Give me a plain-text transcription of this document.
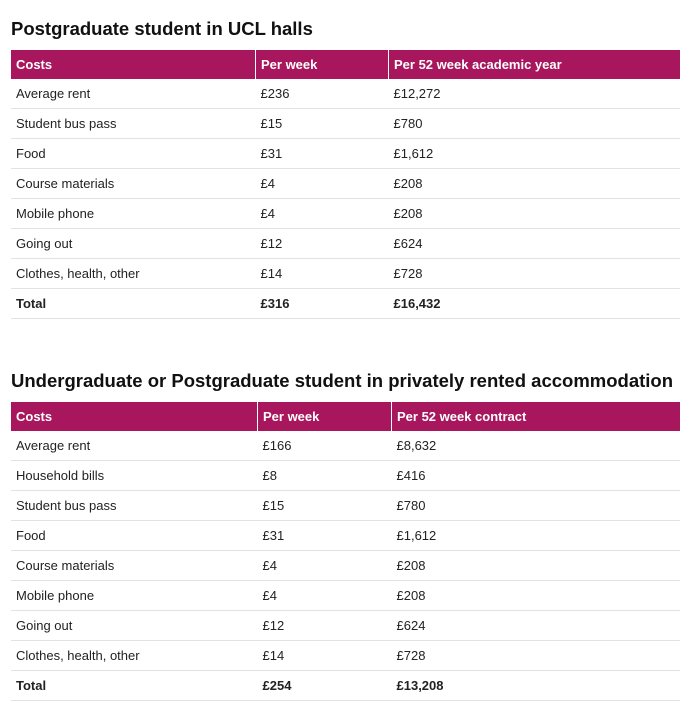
Postgraduate student in UCL halls
Costs	Per week	Per 52 week academic year
Average rent	£236	£12,272
Student bus pass	£15	£780
Food	£31	£1,612
Course materials	£4	£208
Mobile phone	£4	£208
Going out	£12	£624
Clothes, health, other	£14	£728
Total	£316	£16,432
Undergraduate or Postgraduate student in privately rented accommodation
Costs	Per week	Per 52 week contract
Average rent	£166	£8,632
Household bills	£8	£416
Student bus pass	£15	£780
Food	£31	£1,612
Course materials	£4	£208
Mobile phone	£4	£208
Going out	£12	£624
Clothes, health, other	£14	£728
Total	£254	£13,208
